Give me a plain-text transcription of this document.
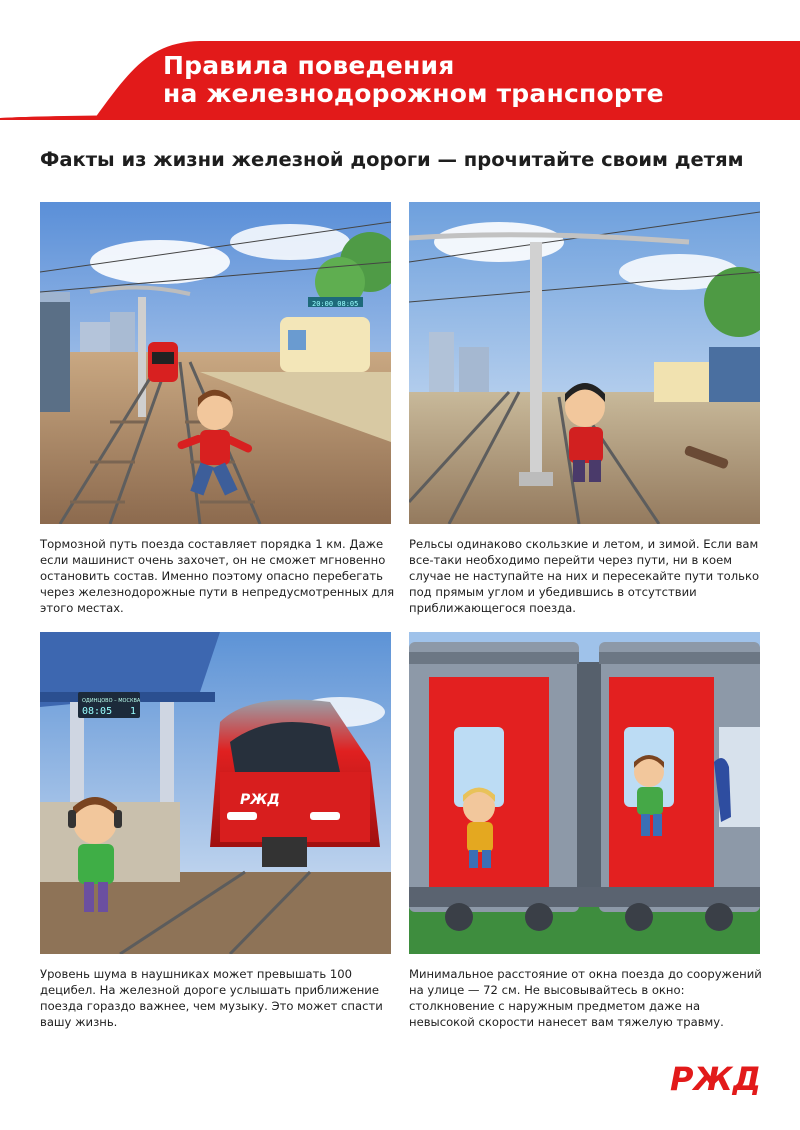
Правила поведения
на железнодорожном транспорте
Факты из жизни железной дороги — прочитайте своим детям
20:00 08:05
ОДИНЦОВО – МОСКВА
08:05 1
РЖД
Тормозной путь поезда составляет порядка 1 км. Даже если машинист очень захочет, он не сможет мгновенно остановить состав. Именно поэтому опасно перебегать через железнодорожные пути в непредусмотренных для этого местах.
Рельсы одинаково скользкие и летом, и зимой. Если вам все-таки необходимо перейти через пути, ни в коем случае не наступайте на них и пересекайте пути только под прямым углом и убедившись в отсутствии приближающегося поезда.
Уровень шума в наушниках может превышать 100 децибел. На железной дороге услышать приближение поезда гораздо важнее, чем музыку. Это может спасти вашу жизнь.
Минимальное расстояние от окна поезда до сооружений на улице — 72 см. Не высовывайтесь в окно: столкновение с наружным предметом даже на невысокой скорости нанесет вам тяжелую травму.
РЖД
